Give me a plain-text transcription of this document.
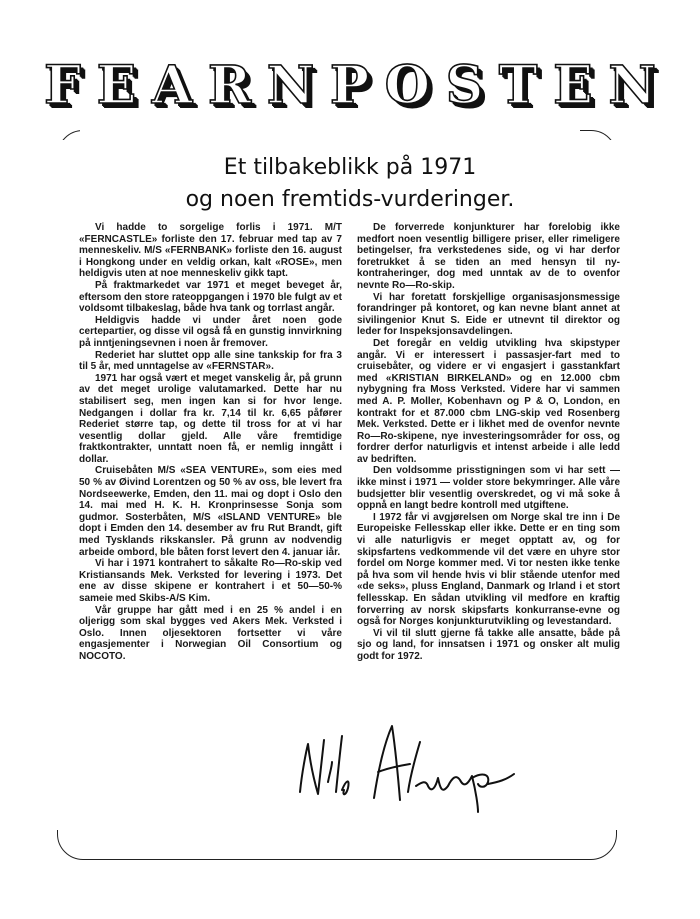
F E A R N P O S T E N
Et tilbakeblikk på 1971
og noen fremtids-vurderinger.

Vi hadde to sorgelige forlis i 1971. M/T «FERNCASTLE» forliste den 17. februar med tap av 7 menneskeliv. M/S «FERNBANK» forliste den 16. august i Hongkong under en veldig orkan, kalt «ROSE», men heldigvis uten at noe menneskeliv gikk tapt.

På fraktmarkedet var 1971 et meget beveget år, eftersom den store rateoppgangen i 1970 ble fulgt av et voldsomt tilbakeslag, både hva tank og torrlast angår.

Heldigvis hadde vi under året noen gode certepartier, og disse vil også få en gunstig innvirkning på inntjeningsevnen i noen år fremover.

Rederiet har sluttet opp alle sine tankskip for fra 3 til 5 år, med unntagelse av «FERNSTAR».

1971 har også vært et meget vanskelig år, på grunn av det meget urolige valutamarked. Dette har nu stabilisert seg, men ingen kan si for hvor lenge. Nedgangen i dollar fra kr. 7,14 til kr. 6,65 påfører Rederiet større tap, og dette til tross for at vi har vesentlig dollar gjeld. Alle våre fremtidige fraktkontrakter, unntatt noen få, er nemlig inngått i dollar.

Cruisebåten M/S «SEA VENTURE», som eies med 50 % av Øivind Lorentzen og 50 % av oss, ble levert fra Nordseewerke, Emden, den 11. mai og dopt i Oslo den 14. mai med H. K. H. Kronprinsesse Sonja som gudmor. Sosterbåten, M/S «ISLAND VENTURE» ble dopt i Emden den 14. desember av fru Rut Brandt, gift med Tysklands rikskansler. På grunn av nodvendig arbeide ombord, ble båten forst levert den 4. januar iår.

Vi har i 1971 kontrahert to såkalte Ro—Ro-skip ved Kristiansands Mek. Verksted for levering i 1973. Det ene av disse skipene er kontrahert i et 50—50-% sameie med Skibs-A/S Kim.

Vår gruppe har gått med i en 25 % andel i en oljerigg som skal bygges ved Akers Mek. Verksted i Oslo. Innen oljesektoren fortsetter vi våre engasjementer i Norwegian Oil Consortium og NOCOTO.

De forverrede konjunkturer har forelobig ikke medfort noen vesentlig billigere priser, eller rimeligere betingelser, fra verkstedenes side, og vi har derfor foretrukket å se tiden an med hensyn til ny-kontraheringer, dog med unntak av de to ovenfor nevnte Ro—Ro-skip.

Vi har foretatt forskjellige organisasjonsmessige forandringer på kontoret, og kan nevne blant annet at sivilingenior Knut S. Eide er utnevnt til direktor og leder for Inspeksjonsavdelingen.

Det foregår en veldig utvikling hva skipstyper angår. Vi er interessert i passasjer-fart med to cruisebåter, og videre er vi engasjert i gasstankfart med «KRISTIAN BIRKELAND» og en 12.000 cbm nybygning fra Moss Verksted. Videre har vi sammen med A. P. Moller, Kobenhavn og P & O, London, en kontrakt for et 87.000 cbm LNG-skip ved Rosenberg Mek. Verksted. Dette er i likhet med de ovenfor nevnte Ro—Ro-skipene, nye investeringsområder for oss, og fordrer derfor naturligvis et intenst arbeide i alle ledd av bedriften.

Den voldsomme prisstigningen som vi har sett — ikke minst i 1971 — volder store bekymringer. Alle våre budsjetter blir vesentlig overskredet, og vi må soke å oppnå en langt bedre kontroll med utgiftene.

I 1972 får vi avgjørelsen om Norge skal tre inn i De Europeiske Fellesskap eller ikke. Dette er en ting som vi alle naturligvis er meget opptatt av, og for skipsfartens vedkommende vil det være en uhyre stor fordel om Norge kommer med. Vi tor nesten ikke tenke på hva som vil hende hvis vi blir stående utenfor med «de seks», pluss England, Danmark og Irland i et stort fellesskap. En sådan utvikling vil medfore en kraftig forverring av norsk skipsfarts konkurranse-evne og også for Norges konjunkturutvikling og levestandard.

Vi vil til slutt gjerne få takke alle ansatte, både på sjo og land, for innsatsen i 1971 og onsker alt mulig godt for 1972.
